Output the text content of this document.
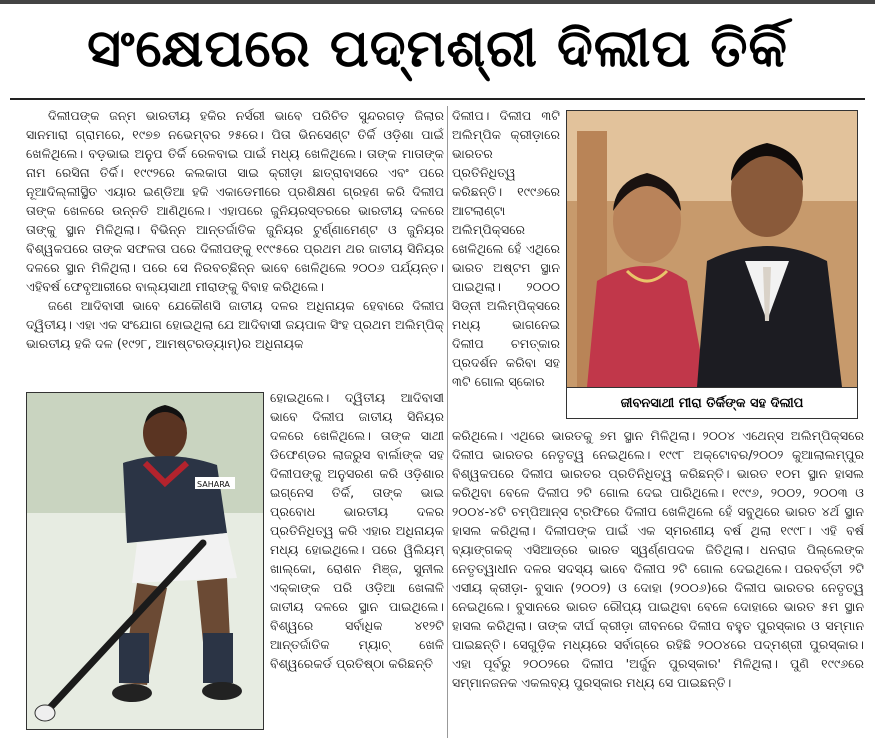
ସଂକ୍ଷେପରେ ପଦ୍ମଶ୍ରୀ ଦିଲୀପ ତିର୍କି

ଦିଲୀପଙ୍କ ଜନ୍ମ ଭାରତୀୟ ହକିର ନର୍ସରୀ ଭାବେ ପରିଚିତ ସୁନ୍ଦରଗଡ଼ ଜିଲାର ସାନମାରା ଗ୍ରାମରେ, ୧୯୭୭ ନଭେମ୍ବର ୨୫ରେ। ପିତା ଭିନସେଣ୍ଟ ତିର୍କି ଓଡ଼ିଶା ପାଇଁ ଖେଳିଥିଲେ। ବଡ଼ଭାଇ ଅନୁପ ତିର୍କି ରେଳବାଇ ପାଇଁ ମଧ୍ୟ ଖେଳିଥିଲେ। ତାଙ୍କ ମାତାଙ୍କ ନାମ ରେସିନା ତିର୍କି। ୧୯୯୨ରେ କଲକାତା ସାଇ କ୍ରୀଡ଼ା ଛାତ୍ରାବାସରେ ଏବଂ ପରେ ନୂଆଦିଲ୍ଲୀସ୍ଥିତ ଏୟାର ଇଣ୍ଡିଆ ହକି ଏକାଡେମୀରେ ପ୍ରଶିକ୍ଷଣ ଗ୍ରହଣ କରି ଦିଲୀପ ତାଙ୍କ ଖେଳରେ ଉନ୍ନତି ଆଣିଥିଲେ। ଏହାପରେ ଜୁନିୟରସ୍ତରରେ ଭାରତୀୟ ଦଳରେ ତାଙ୍କୁ ସ୍ଥାନ ମିଳିଥିଲା। ବିଭିନ୍ନ ଆନ୍ତର୍ଜାତିକ ଜୁନିୟର ଟୁର୍ଣ୍ଣାମେଣ୍ଟ ଓ ଜୁନିୟର ବିଶ୍ୱକପରେ ତାଙ୍କ ସଫଳତା ପରେ ଦିଲୀପଙ୍କୁ ୧୯୯୫ରେ ପ୍ରଥମ ଥର ଜାତୀୟ ସିନିୟର ଦଳରେ ସ୍ଥାନ ମିଳିଥିଲା। ପରେ ସେ ନିରବଚ୍ଛିନ୍ନ ଭାବେ ଖେଳିଥିଲେ ୨୦୦୬ ପର୍ଯ୍ୟନ୍ତ। ଏହିବର୍ଷ ଫେବୃଆରୀରେ ବାଲ୍ୟସାଥୀ ମୀରାଙ୍କୁ ବିବାହ କରିଥିଲେ।

ଜଣେ ଆଦିବାସୀ ଭାବେ ଯେକୌଣସି ଜାତୀୟ ଦଳର ଅଧିନାୟକ ହେବାରେ ଦିଲୀପ ଦ୍ୱିତୀୟ। ଏହା ଏକ ସଂଯୋଗ ହୋଇଥିଲା ଯେ ଆଦିବାସୀ ଜୟପାଳ ସିଂହ ପ୍ରଥମ ଅଲିମ୍ପିକ୍ ଭାରତୀୟ ହକି ଦଳ (୧୯୨୮, ଆମଷ୍ଟରଡ୍ୟାମ୍)ର ଅଧିନାୟକ

ଦିଲୀପ। ଦିଲୀପ ୩ଟି ଅଲିମ୍ପିକ କ୍ରୀଡ଼ାରେ ଭାରତର ପ୍ରତିନିଧିତ୍ୱ କରିଛନ୍ତି। ୧୯୯୬ରେ ଆଟଲାଣ୍ଟା ଅଲିମ୍ପିକ୍ସରେ ଖେଳିଥିଲେ ହେଁ ଏଥିରେ ଭାରତ ଅଷ୍ଟମ ସ୍ଥାନ ପାଇଥିଲା। ୨୦୦୦ ସିଡ୍ନୀ ଅଲିମ୍ପିକ୍ସରେ ମଧ୍ୟ ଭାଗନେଇ ଦିଲୀପ ଚମତ୍କାର ପ୍ରଦର୍ଶନ କରିବା ସହ ୩ଟି ଗୋଲ ସ୍କୋର
ଜୀବନସାଥୀ ମୀରା ତିର୍କିଙ୍କ ସହ ଦିଲୀପ
SAHARA
ହୋଇଥିଲେ। ଦ୍ୱିତୀୟ ଆଦିବାସୀ ଭାବେ ଦିଲୀପ ଜାତୀୟ ସିନିୟର ଦଳରେ ଖେଳିଥିଲେ। ତାଙ୍କ ସାଥୀ ଡିଫେଣ୍ଡର ଲାଜରୁସ ବାର୍ଲାଙ୍କ ସହ ଦିଲୀପଙ୍କୁ ଅନୁସରଣ କରି ଓଡ଼ିଶାର ଇଗ୍ନେସ ତିର୍କି, ତାଙ୍କ ଭାଇ ପ୍ରବୋଧ ଭାରତୀୟ ଦଳର ପ୍ରତିନିଧିତ୍ୱ କରି ଏହାର ଅଧିନାୟକ ମଧ୍ୟ ହୋଇଥିଲେ। ପରେ ୱିଲିୟମ୍ ଖାଲ୍‌କୋ, ରୋଶନ ମିଞ୍ଜ, ସୁନୀଲ ଏକ୍କାଙ୍କ ପରି ଓଡ଼ିଆ ଖେଳାଳି ଜାତୀୟ ଦଳରେ ସ୍ଥାନ ପାଇଥିଲେ। ବିଶ୍ୱରେ ସର୍ବାଧିକ ୪୧୨ଟି ଆନ୍ତର୍ଜାତିକ ମ୍ୟାଚ୍ ଖେଳି ବିଶ୍ୱରେକର୍ଡ ପ୍ରତିଷ୍ଠା କରିଛନ୍ତି
କରିଥିଲେ। ଏଥିରେ ଭାରତକୁ ୭ମ ସ୍ଥାନ ମିଳିଥିଲା। ୨୦୦୪ ଏଥେନ୍ସ ଅଲିମ୍ପିକ୍ସରେ ଦିଲୀପ ଭାରତର ନେତୃତ୍ୱ ନେଇଥିଲେ। ୧୯୯୮ ଅକ୍ଟୋବର/୨୦୦୨ କୁଆଲାଲମ୍ପୁର ବିଶ୍ୱକପରେ ଦିଲୀପ ଭାରତର ପ୍ରତିନିଧିତ୍ୱ କରିଛନ୍ତି। ଭାରତ ୧୦ମ ସ୍ଥାନ ହାସଲ କରିଥିବା ବେଳେ ଦିଲୀପ ୨ଟି ଗୋଲ ଦେଇ ପାରିଥିଲେ। ୧୯୯୬, ୨୦୦୨, ୨୦୦୩ ଓ ୨୦୦୪-୪ଟି ଚମ୍ପିଆନ୍ସ ଟ୍ରଫିରେ ଦିଲୀପ ଖେଳିଥିଲେ ହେଁ ସବୁଥିରେ ଭାରତ ୪ର୍ଥ ସ୍ଥାନ ହାସଲ କରିଥିଲା। ଦିଲୀପଙ୍କ ପାଇଁ ଏକ ସ୍ମରଣୀୟ ବର୍ଷ ଥିଲା ୧୯୯୮। ଏହି ବର୍ଷ ବ୍ୟାଙ୍ଗକକ୍ ଏସିଆଡ୍‌ରେ ଭାରତ ସ୍ୱର୍ଣ୍ଣପଦକ ଜିତିଥିଲା। ଧନରାଜ ପିଲ୍ଲେଙ୍କ ନେତୃତ୍ୱାଧୀନ ଦଳର ସଦସ୍ୟ ଭାବେ ଦିଲୀପ ୨ଟି ଗୋଲ ଦେଇଥିଲେ। ପରବର୍ତ୍ତୀ ୨ଟି ଏସୀୟ କ୍ରୀଡ଼ା- ବୁସାନ (୨୦୦୨) ଓ ଦୋହା (୨୦୦୬)ରେ ଦିଲୀପ ଭାରତର ନେତୃତ୍ୱ ନେଇଥିଲେ। ବୁସାନରେ ଭାରତ ରୌପ୍ୟ ପାଇଥିବା ବେଳେ ଦୋହାରେ ଭାରତ ୫ମ ସ୍ଥାନ ହାସଲ କରିଥିଲା। ତାଙ୍କ ଦୀର୍ଘ କ୍ରୀଡ଼ା ଜୀବନରେ ଦିଲୀପ ବହୁତ ପୁରସ୍କାର ଓ ସମ୍ମାନ ପାଇଛନ୍ତି। ସେଗୁଡ଼ିକ ମଧ୍ୟରେ ସର୍ବାଗ୍ରେ ରହିଛି ୨୦୦୪ରେ ପଦ୍ମଶ୍ରୀ ପୁରସ୍କାର। ଏହା ପୂର୍ବରୁ ୨୦୦୨ରେ ଦିଲୀପ 'ଅର୍ଜୁନ ପୁରସ୍କାର' ମିଳିଥିଲା। ପୁଣି ୧୯୯୬ରେ ସମ୍ମାନଜନକ ଏକଲବ୍ୟ ପୁରସ୍କାର ମଧ୍ୟ ସେ ପାଇଛନ୍ତି।
